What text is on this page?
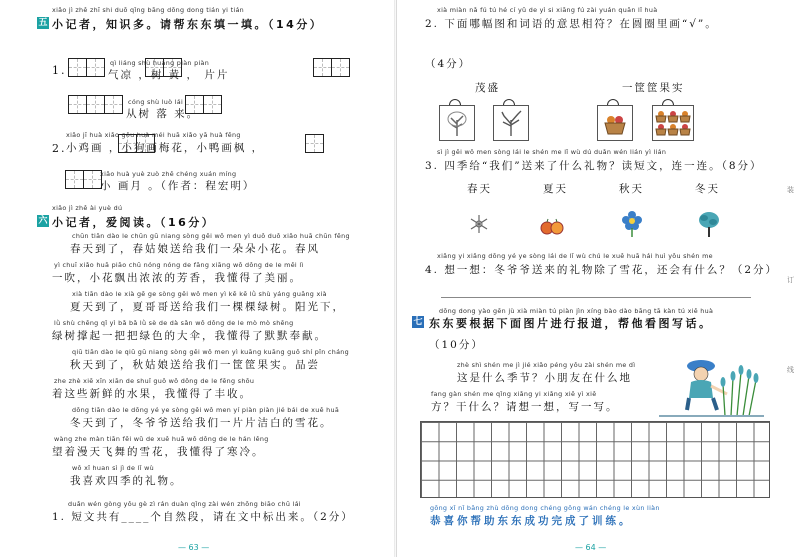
xiǎo jì zhě zhī shi duō qǐng bāng dōng dong tián yi tián
五 小记者，知识多。请帮东东填一填。（14分）
1.
qì liáng shù huáng piàn piàn
气凉 ，树 黄 ， 片片
cóng shù luò lái
从树 落 来。
2.
xiǎo jī huà xiǎo gǒu huà méi huā xiǎo yā huà fēng
小鸡画 ，小狗画梅花，小鸭画枫 ，
xiǎo huà yuè zuò zhě chéng xuán míng
小 画月 。（作者：程宏明）
xiǎo jì zhě ài yuè dú
六 小记者，爱阅读。（16分）
chūn tiān dào le chūn gū niang sòng gěi wǒ men yì duǒ duǒ xiǎo huā chūn fēng
春天到了，春姑娘送给我们一朵朵小花。春风
yì chuī xiǎo huā piāo chū nóng nóng de fāng xiāng wǒ dǒng de le měi lì
一吹，小花飘出浓浓的芳香，我懂得了美丽。
xià tiān dào le xià gē ge sòng gěi wǒ men yì kē kē lǜ shù yáng guāng xià
夏天到了，夏哥哥送给我们一棵棵绿树。阳光下，
lǜ shù chēng qǐ yì bǎ bǎ lǜ sè de dà sǎn wǒ dǒng de le mò mò shēng
绿树撑起一把把绿色的大伞，我懂得了默默奉献。
qiū tiān dào le qiū gū niang sòng gěi wǒ men yì kuāng kuāng guǒ shí pǐn cháng
秋天到了，秋姑娘送给我们一筐筐果实。品尝
zhe zhè xiē xīn xiān de shuǐ guǒ wǒ dǒng de le fēng shōu
着这些新鲜的水果，我懂得了丰收。
dōng tiān dào le dōng yé ye sòng gěi wǒ men yí piàn piàn jié bái de xuě huā
冬天到了，冬爷爷送给我们一片片洁白的雪花。
wàng zhe màn tiān fēi wǔ de xuě huā wǒ dǒng de le hán lěng
望着漫天飞舞的雪花，我懂得了寒冷。
wǒ xǐ huan sì jì de lǐ wù
我喜欢四季的礼物。
duǎn wén gòng yǒu gè zì rán duàn qǐng zài wén zhōng biāo chū lái
1. 短文共有____个自然段，请在文中标出来。（2分）
— 63 —
xià miàn nǎ fú tú hé cí yǔ de yì si xiāng fú zài yuán quān lǐ huà
2. 下面哪幅图和词语的意思相符？在圆圈里画“√”。
（4分）
茂盛	一筐筐果实
sì jì gěi wǒ men sòng lái le shén me lǐ wù dú duǎn wén lián yì lián
3. 四季给“我们”送来了什么礼物？读短文，连一连。（8分）
春天	夏天	秋天	冬天
xiǎng yi xiǎng dōng yé ye sòng lái de lǐ wù chú le xuě huā hái huì yǒu shén me
4. 想一想：冬爷爷送来的礼物除了雪花，还会有什么？（2分）
dōng dong yào gēn jù xià miàn tú piàn jìn xíng bào dào bāng tā kàn tú xiě huà
七 东东要根据下面图片进行报道，帮他看图写话。
（10分）
zhè shì shén me jì jié xiǎo péng yǒu zài shén me dì
这是什么季节？小朋友在什么地
fang gàn shén me qǐng xiǎng yi xiǎng xiě yì xiě
方？干什么？请想一想，写一写。
— 64 —
装
订
线
gōng xǐ nǐ bāng zhù dōng dong chéng gōng wán chéng le xùn liàn
恭喜你帮助东东成功完成了训练。
